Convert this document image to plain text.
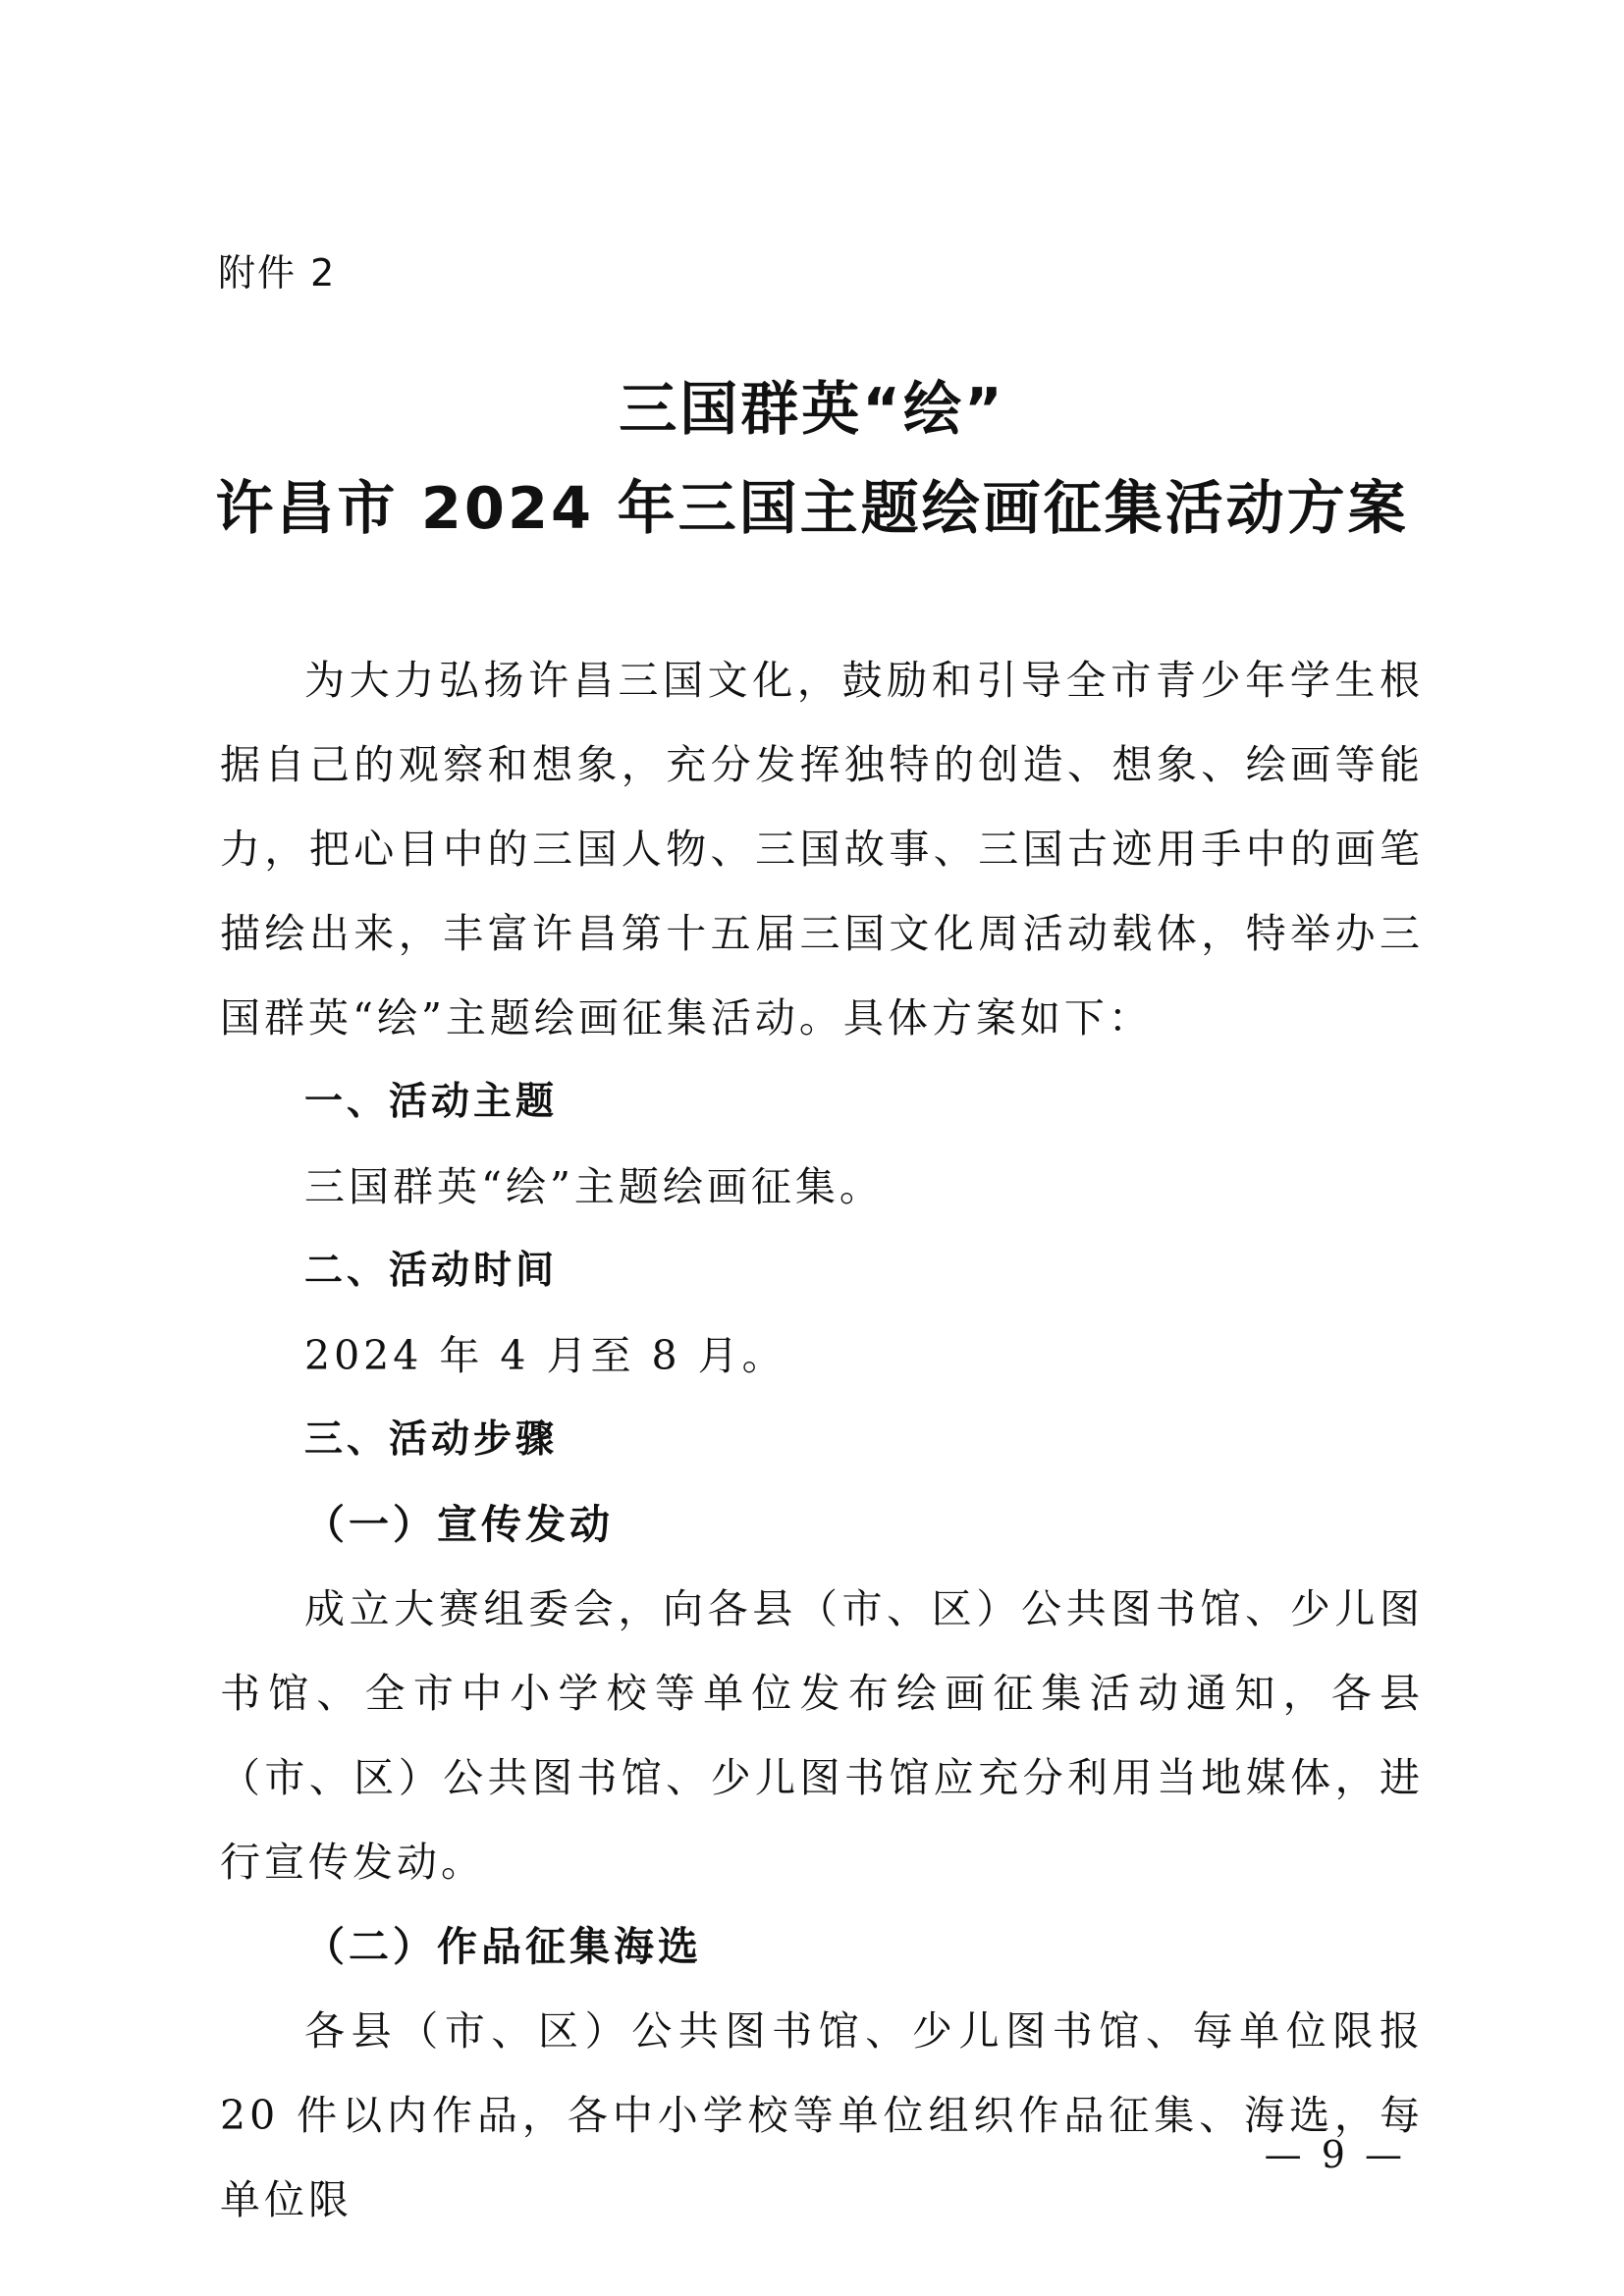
附件 2
三国群英“绘”
许昌市 2024 年三国主题绘画征集活动方案

为大力弘扬许昌三国文化，鼓励和引导全市青少年学生根据自己的观察和想象，充分发挥独特的创造、想象、绘画等能力，把心目中的三国人物、三国故事、三国古迹用手中的画笔描绘出来，丰富许昌第十五届三国文化周活动载体，特举办三国群英“绘”主题绘画征集活动。具体方案如下：

一、活动主题

三国群英“绘”主题绘画征集。

二、活动时间

2024 年 4 月至 8 月。

三、活动步骤

（一）宣传发动

成立大赛组委会，向各县（市、区）公共图书馆、少儿图书馆、全市中小学校等单位发布绘画征集活动通知，各县（市、区）公共图书馆、少儿图书馆应充分利用当地媒体，进行宣传发动。

（二）作品征集海选

各县（市、区）公共图书馆、少儿图书馆、每单位限报 20 件以内作品，各中小学校等单位组织作品征集、海选，每单位限

— 9 —
